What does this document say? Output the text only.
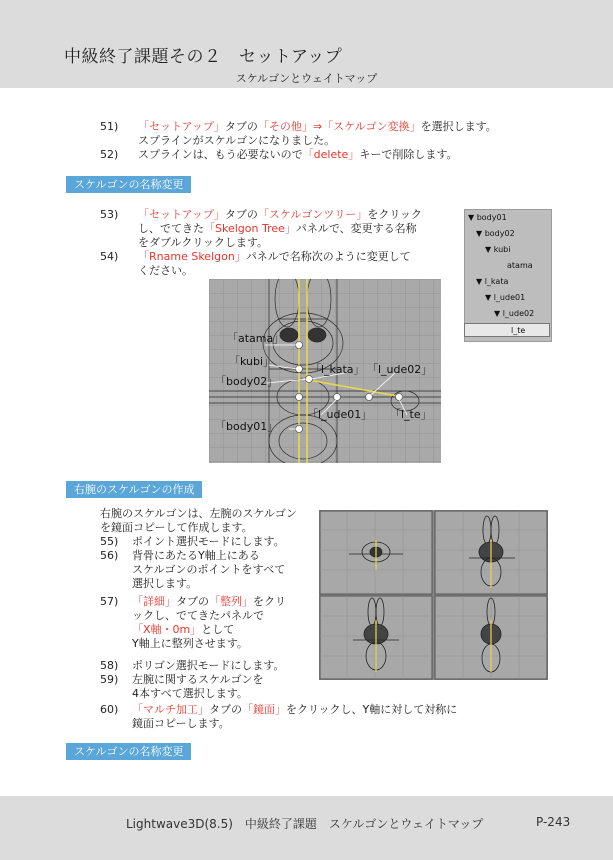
中級終了課題その２　セットアップ
スケルゴンとウェイトマップ
51) 「セットアップ」タブの「その他」⇒「スケルゴン変換」を選択します。
スプラインがスケルゴンになりました。
52) スプラインは、もう必要ないので「delete」キーで削除します。
スケルゴンの名称変更
53) 「セットアップ」タブの「スケルゴンツリー」をクリック
し、でてきた「Skelgon Tree」パネルで、変更する名称
をダブルクリックします。
54) 「Rname Skelgon」パネルで名称次のように変更して
ください。
▼ body01
▼ body02
▼ kubi
atama
▼ l_kata
▼ l_ude01
▼ l_ude02
l_te
「atama」
「kubi」
「body02」
「l_kata」 「l_ude02」
「l_ude01」 「l_te」
「body01」
右腕のスケルゴンの作成
右腕のスケルゴンは、左腕のスケルゴン
を鏡面コピーして作成します。
55) ポイント選択モードにします。
56) 背骨にあたるY軸上にある
スケルゴンのポイントをすべて
選択します。
57) 「詳細」タブの「整列」をクリ
ックし、でてきたパネルで
「X軸・0m」として
Y軸上に整列させます。
58) ポリゴン選択モードにします。
59) 左腕に関するスケルゴンを
4本すべて選択します。
60) 「マルチ加工」タブの「鏡面」をクリックし、Y軸に対して対称に
鏡面コピーします。
スケルゴンの名称変更
Lightwave3D(8.5)　中級終了課題　スケルゴンとウェイトマップ	P-243
